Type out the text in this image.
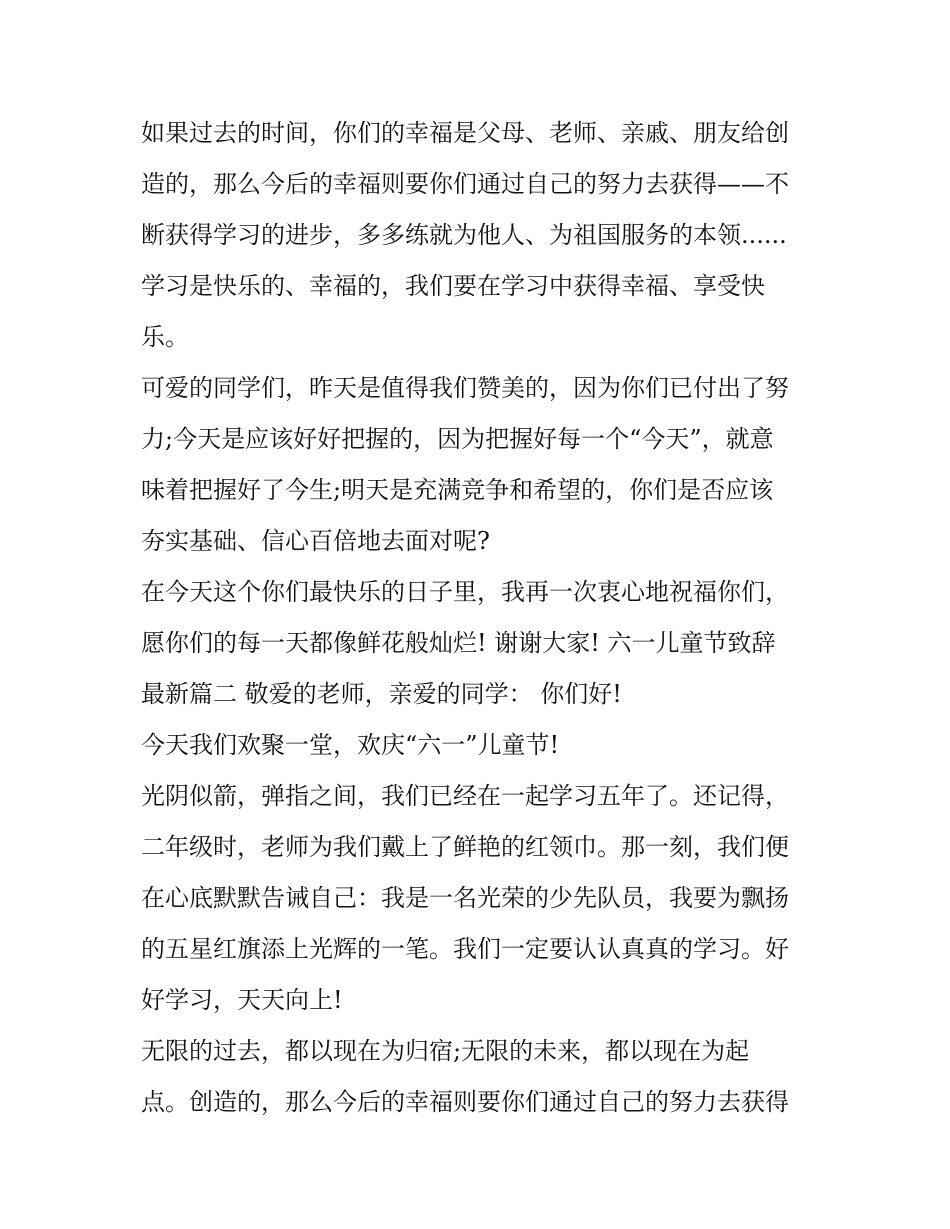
如果过去的时间，你们的幸福是父母、老师、亲戚、朋友给创
造的，那么今后的幸福则要你们通过自己的努力去获得——不
断获得学习的进步，多多练就为他人、为祖国服务的本领......
学习是快乐的、幸福的，我们要在学习中获得幸福、享受快
乐。
可爱的同学们，昨天是值得我们赞美的，因为你们已付出了努
力;今天是应该好好把握的，因为把握好每一个“今天”，就意
味着把握好了今生;明天是充满竞争和希望的，你们是否应该
夯实基础、信心百倍地去面对呢?
在今天这个你们最快乐的日子里，我再一次衷心地祝福你们，
愿你们的每一天都像鲜花般灿烂! 谢谢大家! 六一儿童节致辞
最新篇二 敬爱的老师，亲爱的同学： 你们好!
今天我们欢聚一堂，欢庆“六一”儿童节!
光阴似箭，弹指之间，我们已经在一起学习五年了。还记得，
二年级时，老师为我们戴上了鲜艳的红领巾。那一刻，我们便
在心底默默告诫自己：我是一名光荣的少先队员，我要为飘扬
的五星红旗添上光辉的一笔。我们一定要认认真真的学习。好
好学习，天天向上!
无限的过去，都以现在为归宿;无限的未来，都以现在为起
点。创造的，那么今后的幸福则要你们通过自己的努力去获得
